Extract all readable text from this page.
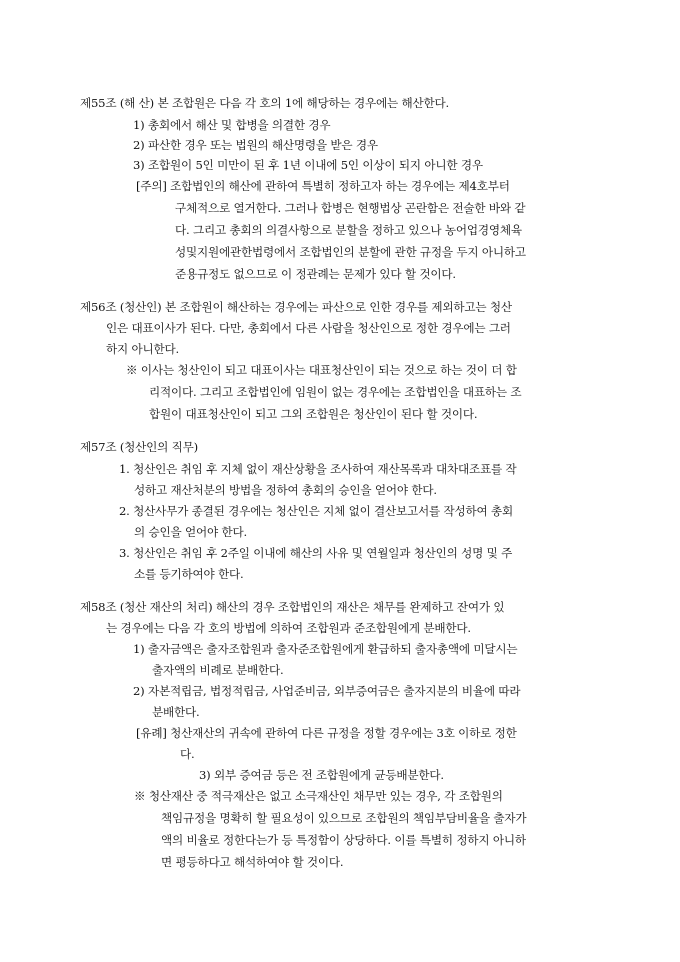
제55조 (해 산) 본 조합원은 다음 각 호의 1에 해당하는 경우에는 해산한다.
1) 총회에서 해산 및 합병을 의결한 경우
2) 파산한 경우 또는 법원의 해산명령을 받은 경우
3) 조합원이 5인 미만이 된 후 1년 이내에 5인 이상이 되지 아니한 경우
[주의] 조합법인의 해산에 관하여 특별히 정하고자 하는 경우에는 제4호부터
구체적으로 열거한다. 그러나 합병은 현행법상 곤란함은 전술한 바와 같
다. 그리고 총회의 의결사항으로 분할을 정하고 있으나 농어업경영체육
성및지원에관한법령에서 조합법인의 분할에 관한 규정을 두지 아니하고
준용규정도 없으므로 이 정관례는 문제가 있다 할 것이다.
제56조 (청산인) 본 조합원이 해산하는 경우에는 파산으로 인한 경우를 제외하고는 청산
인은 대표이사가 된다. 다만, 총회에서 다른 사람을 청산인으로 정한 경우에는 그러
하지 아니한다.
※ 이사는 청산인이 되고 대표이사는 대표청산인이 되는 것으로 하는 것이 더 합
리적이다. 그리고 조합법인에 임원이 없는 경우에는 조합법인을 대표하는 조
합원이 대표청산인이 되고 그외 조합원은 청산인이 된다 할 것이다.
제57조 (청산인의 직무)
1. 청산인은 취임 후 지체 없이 재산상황을 조사하여 재산목록과 대차대조표를 작
성하고 재산처분의 방법을 정하여 총회의 승인을 얻어야 한다.
2. 청산사무가 종결된 경우에는 청산인은 지체 없이 결산보고서를 작성하여 총회
의 승인을 얻어야 한다.
3. 청산인은 취임 후 2주일 이내에 해산의 사유 및 연월일과 청산인의 성명 및 주
소를 등기하여야 한다.
제58조 (청산 재산의 처리) 해산의 경우 조합법인의 재산은 채무를 완제하고 잔여가 있
는 경우에는 다음 각 호의 방법에 의하여 조합원과 준조합원에게 분배한다.
1) 출자금액은 출자조합원과 출자준조합원에게 환급하되 출자총액에 미달시는
출자액의 비례로 분배한다.
2) 자본적립금, 법정적립금, 사업준비금, 외부증여금은 출자지분의 비율에 따라
분배한다.
[유례] 청산재산의 귀속에 관하여 다른 규정을 정할 경우에는 3호 이하로 정한
다.
3) 외부 증여금 등은 전 조합원에게 균등배분한다.
※ 청산재산 중 적극재산은 없고 소극재산인 채무만 있는 경우, 각 조합원의
책임규정을 명확히 할 필요성이 있으므로 조합원의 책임부담비율을 출자가
액의 비율로 정한다는가 등 특정함이 상당하다. 이를 특별히 정하지 아니하
면 평등하다고 해석하여야 할 것이다.
